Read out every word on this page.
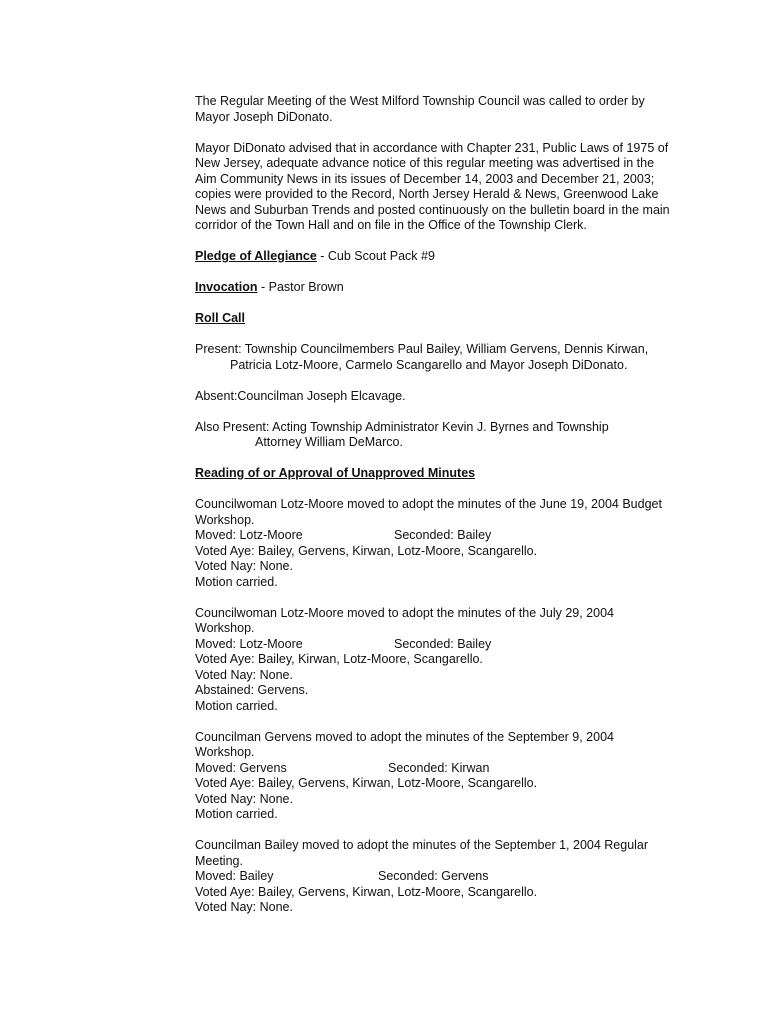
The Regular Meeting of the West Milford Township Council was called to order by Mayor Joseph DiDonato.

Mayor DiDonato advised that in accordance with Chapter 231, Public Laws of 1975 of New Jersey, adequate advance notice of this regular meeting was advertised in the Aim Community News in its issues of December 14, 2003 and December 21, 2003; copies were provided to the Record, North Jersey Herald & News, Greenwood Lake News and Suburban Trends and posted continuously on the bulletin board in the main corridor of the Town Hall and on file in the Office of the Township Clerk.

Pledge of Allegiance - Cub Scout Pack #9

Invocation - Pastor Brown

Roll Call

Present: Township Councilmembers Paul Bailey, William Gervens, Dennis Kirwan,

Patricia Lotz-Moore, Carmelo Scangarello and Mayor Joseph DiDonato.

Absent:Councilman Joseph Elcavage.

Also Present: Acting Township Administrator Kevin J. Byrnes and Township

Attorney William DeMarco.

Reading of or Approval of Unapproved Minutes

Councilwoman Lotz-Moore moved to adopt the minutes of the June 19, 2004 Budget Workshop.

Moved: Lotz-Moore	Seconded: Bailey

Voted Aye: Bailey, Gervens, Kirwan, Lotz-Moore, Scangarello.

Voted Nay: None.

Motion carried.

Councilwoman Lotz-Moore moved to adopt the minutes of the July 29, 2004 Workshop.

Moved: Lotz-Moore	Seconded: Bailey

Voted Aye: Bailey, Kirwan, Lotz-Moore, Scangarello.

Voted Nay: None.

Abstained: Gervens.

Motion carried.

Councilman Gervens moved to adopt the minutes of the September 9, 2004 Workshop.

Moved: Gervens	Seconded: Kirwan

Voted Aye: Bailey, Gervens, Kirwan, Lotz-Moore, Scangarello.

Voted Nay: None.

Motion carried.

Councilman Bailey moved to adopt the minutes of the September 1, 2004 Regular Meeting.

Moved: Bailey	Seconded: Gervens

Voted Aye: Bailey, Gervens, Kirwan, Lotz-Moore, Scangarello.

Voted Nay: None.
